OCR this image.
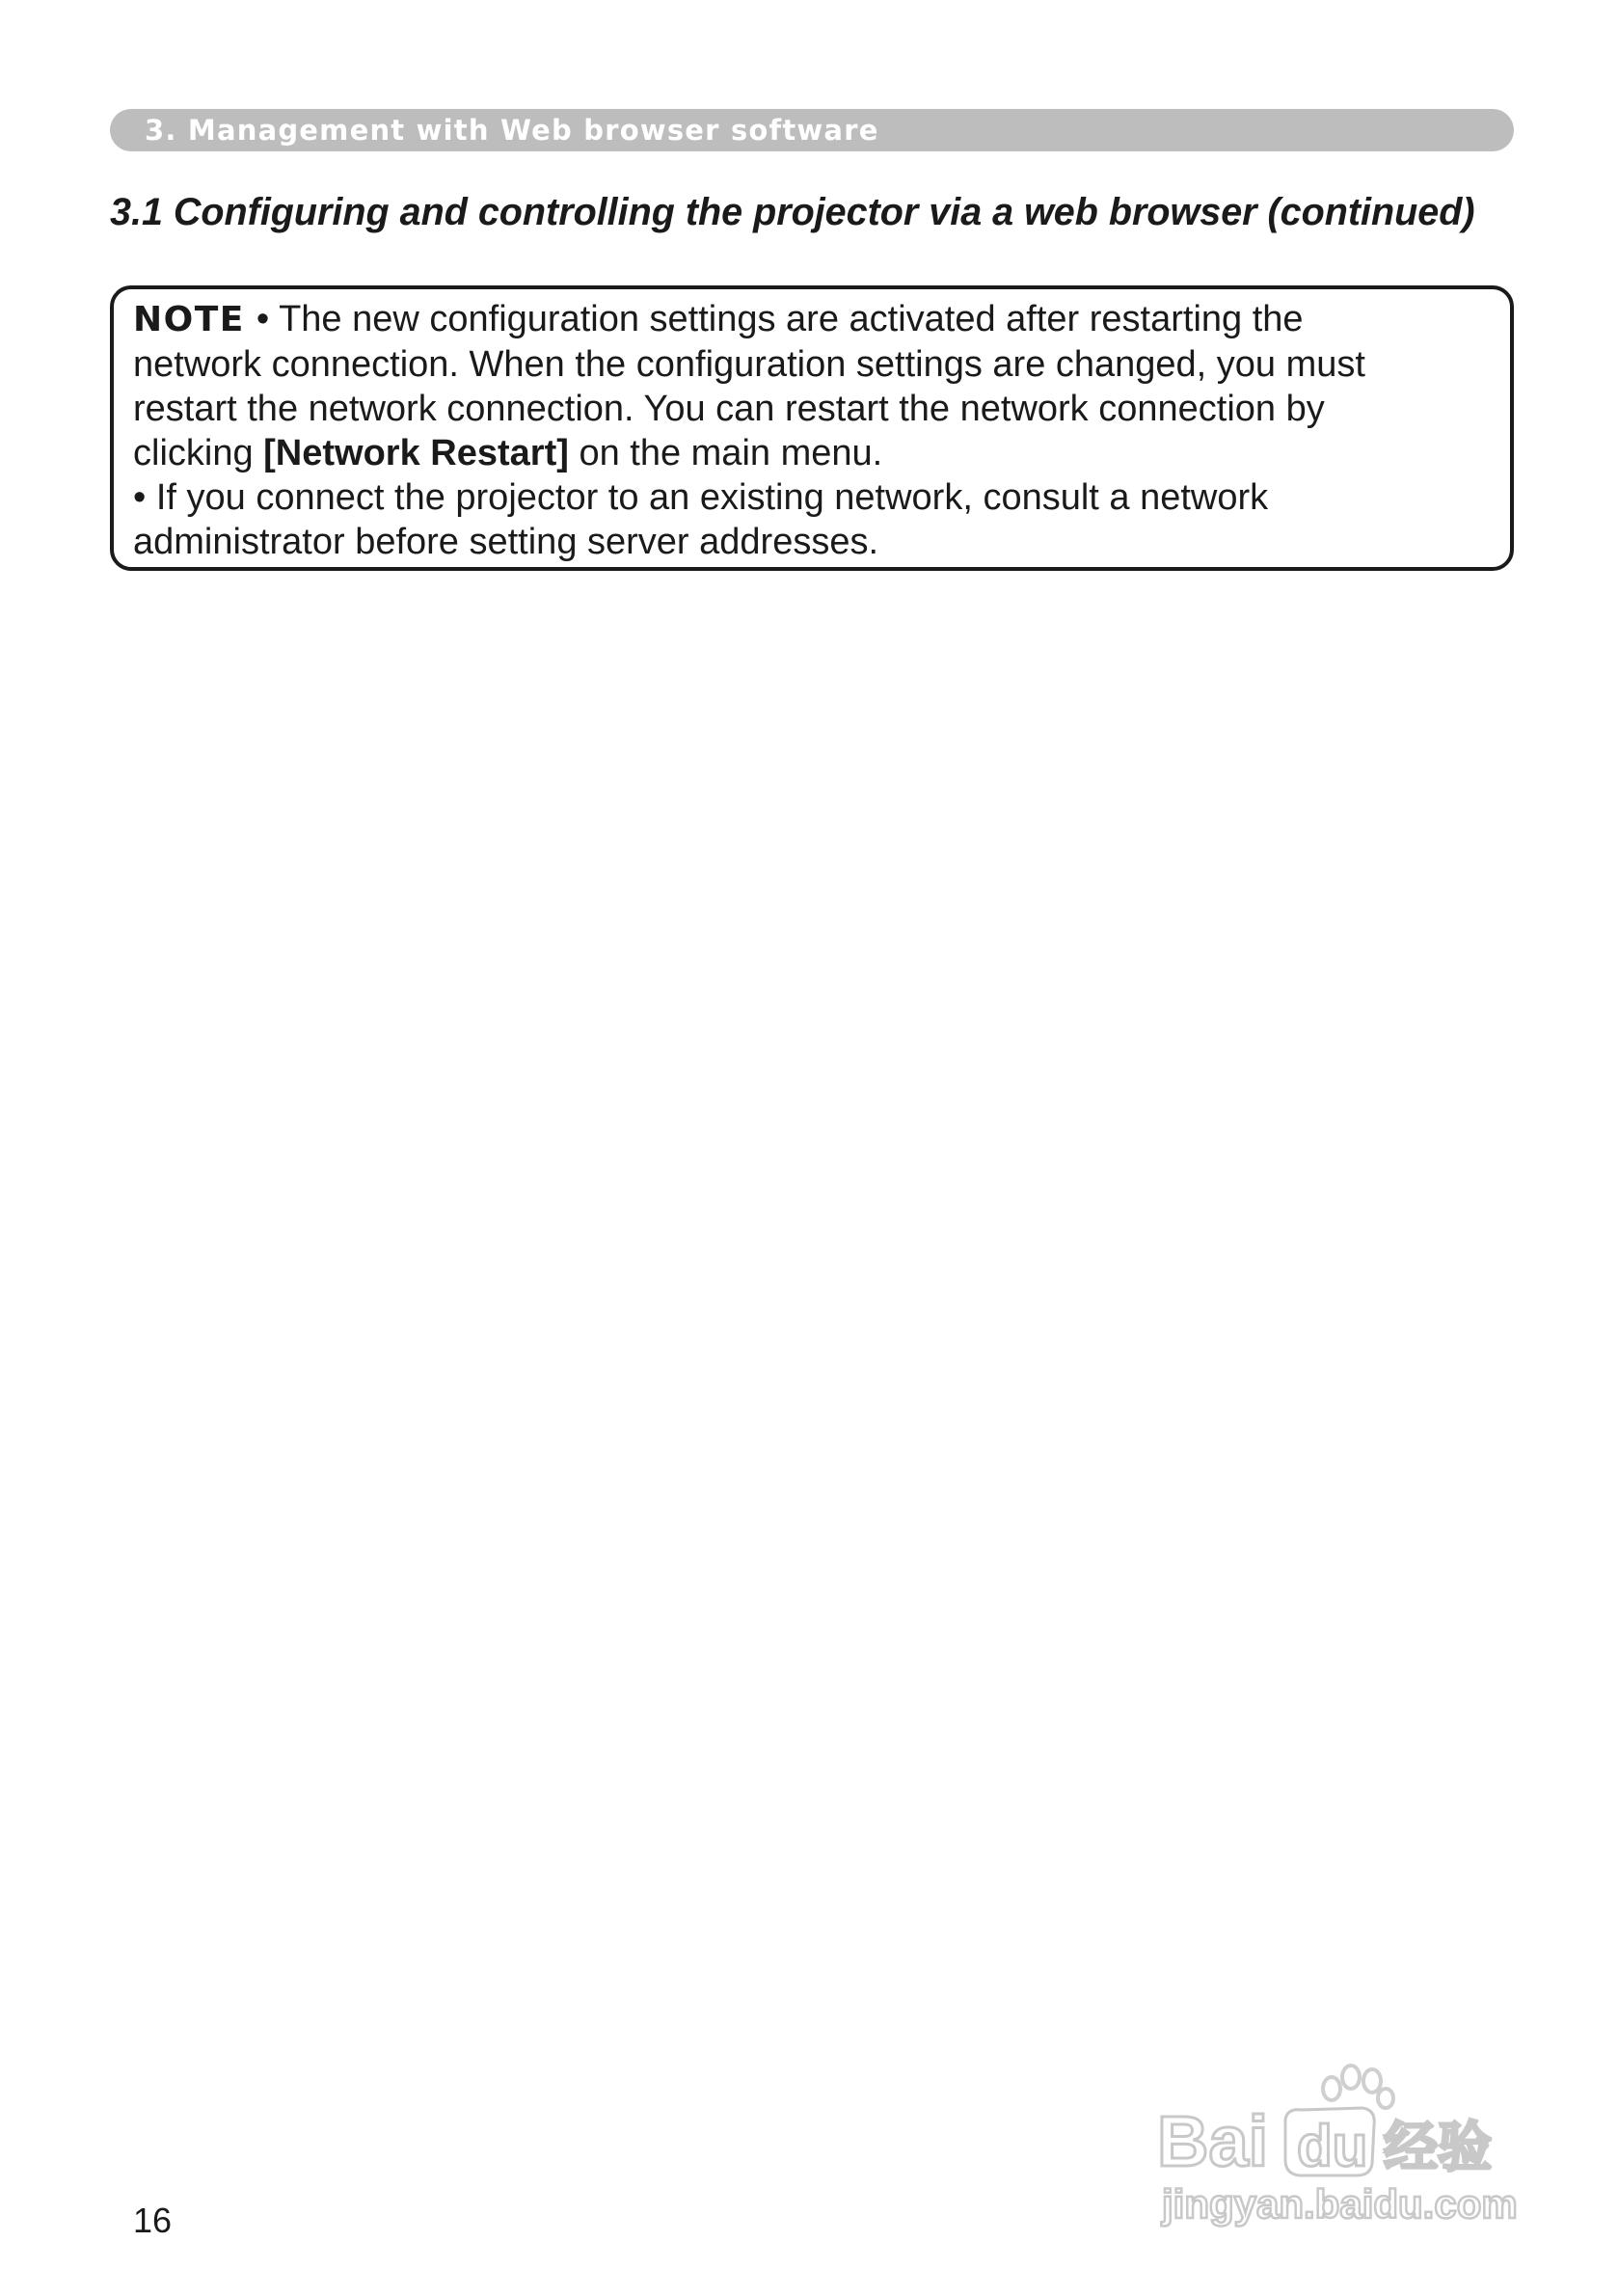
3. Management with Web browser software
3.1 Configuring and controlling the projector via a web browser (continued)

NOTE • The new configuration settings are activated after restarting the

network connection. When the configuration settings are changed, you must

restart the network connection. You can restart the network connection by

clicking [Network Restart] on the main menu.

• If you connect the projector to an existing network, consult a network

administrator before setting server addresses.

16
Bai du 经验
jingyan.baidu.com
